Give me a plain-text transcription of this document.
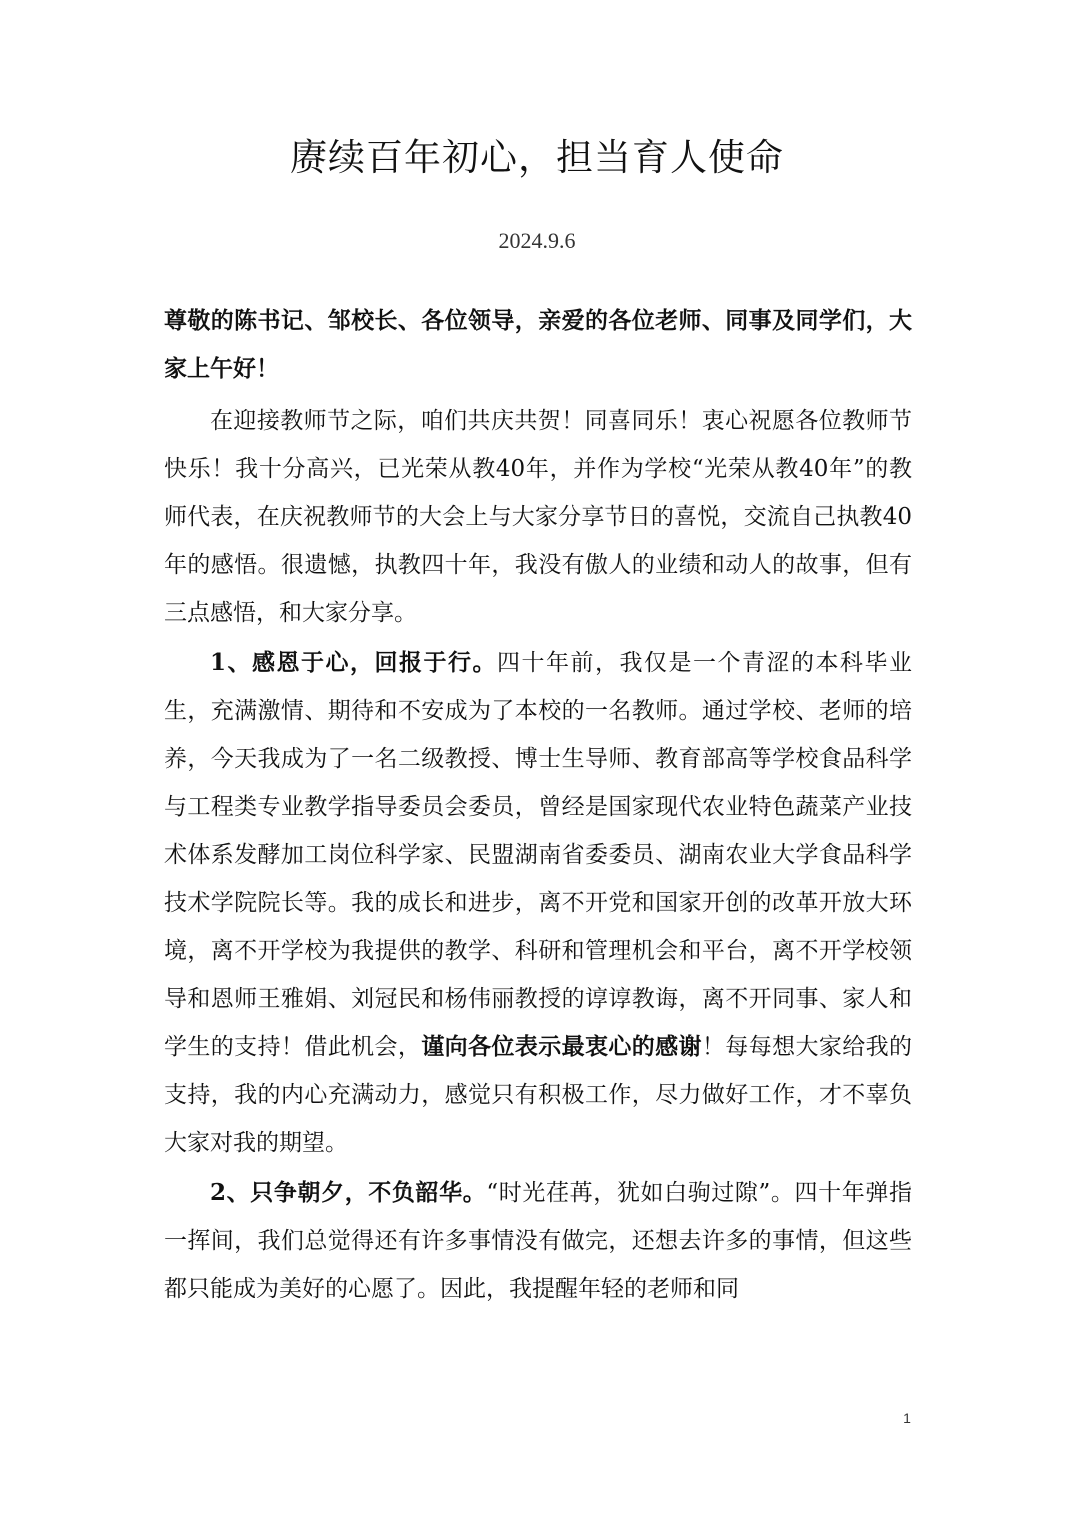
赓续百年初心，担当育人使命
2024.9.6

尊敬的陈书记、邹校长、各位领导，亲爱的各位老师、同事及同学们，大家上午好！

在迎接教师节之际，咱们共庆共贺！同喜同乐！衷心祝愿各位教师节快乐！我十分高兴，已光荣从教40年，并作为学校“光荣从教40年”的教师代表，在庆祝教师节的大会上与大家分享节日的喜悦，交流自己执教40年的感悟。很遗憾，执教四十年，我没有傲人的业绩和动人的故事，但有三点感悟，和大家分享。

1、感恩于心，回报于行。四十年前，我仅是一个青涩的本科毕业生，充满激情、期待和不安成为了本校的一名教师。通过学校、老师的培养，今天我成为了一名二级教授、博士生导师、教育部高等学校食品科学与工程类专业教学指导委员会委员，曾经是国家现代农业特色蔬菜产业技术体系发酵加工岗位科学家、民盟湖南省委委员、湖南农业大学食品科学技术学院院长等。我的成长和进步，离不开党和国家开创的改革开放大环境，离不开学校为我提供的教学、科研和管理机会和平台，离不开学校领导和恩师王雅娟、刘冠民和杨伟丽教授的谆谆教诲，离不开同事、家人和学生的支持！借此机会，谨向各位表示最衷心的感谢！每每想大家给我的支持，我的内心充满动力，感觉只有积极工作，尽力做好工作，才不辜负大家对我的期望。

2、只争朝夕，不负韶华。“时光荏苒，犹如白驹过隙”。四十年弹指一挥间，我们总觉得还有许多事情没有做完，还想去许多的事情，但这些都只能成为美好的心愿了。因此，我提醒年轻的老师和同

1
